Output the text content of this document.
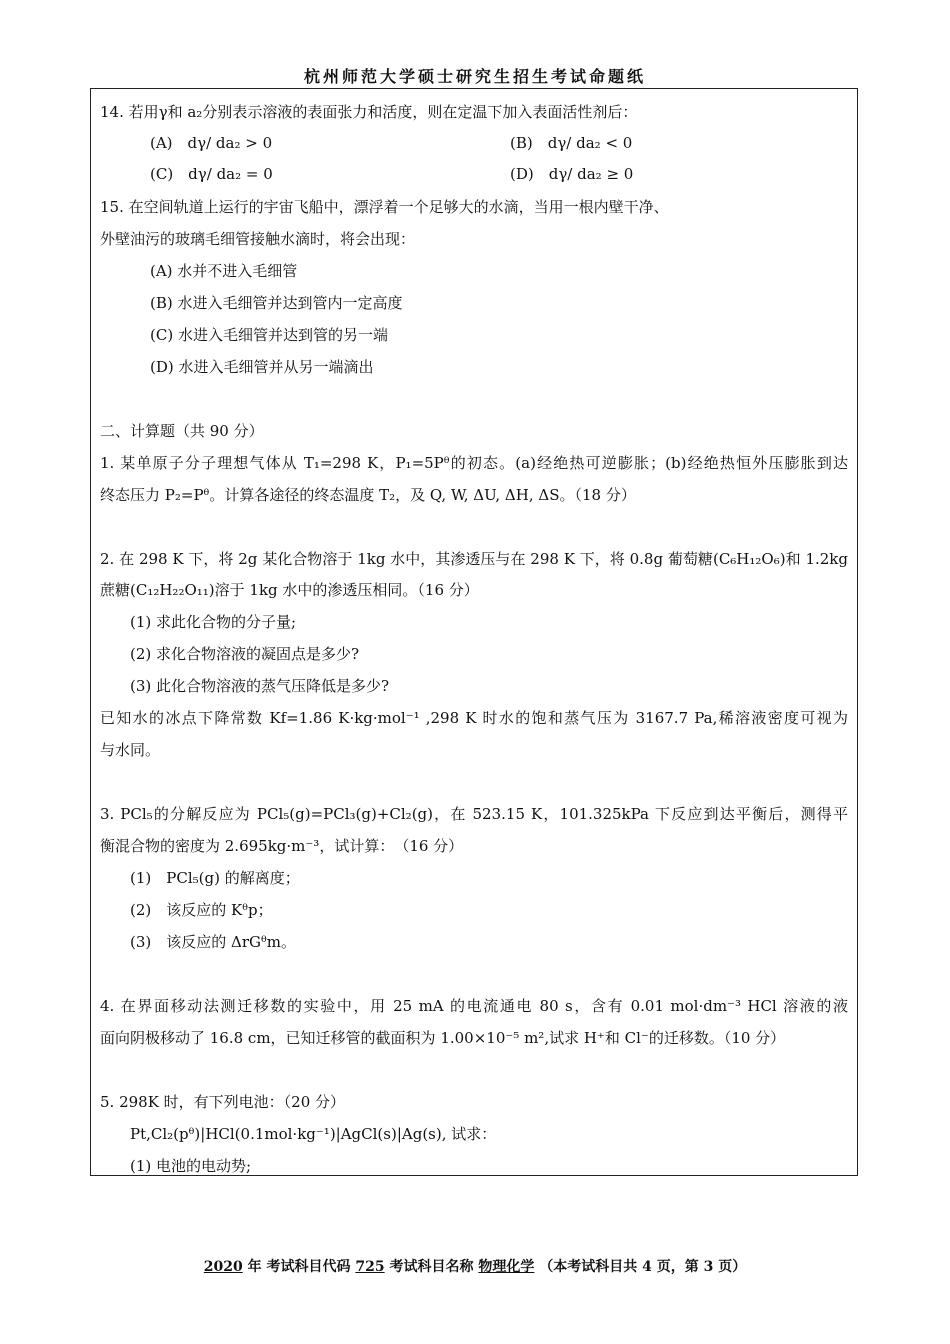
杭州师范大学硕士研究生招生考试命题纸
14. 若用γ和 a₂分别表示溶液的表面张力和活度，则在定温下加入表面活性剂后：
(A)　dγ/ da₂ > 0	(B)　dγ/ da₂ < 0
(C)　dγ/ da₂ = 0	(D)　dγ/ da₂ ≥ 0
15. 在空间轨道上运行的宇宙飞船中，漂浮着一个足够大的水滴，当用一根内壁干净、
外壁油污的玻璃毛细管接触水滴时，将会出现：
(A) 水并不进入毛细管
(B) 水进入毛细管并达到管内一定高度
(C) 水进入毛细管并达到管的另一端
(D) 水进入毛细管并从另一端滴出
二、计算题（共 90 分）
1. 某单原子分子理想气体从 T₁=298 K，P₁=5Pᶿ的初态。(a)经绝热可逆膨胀；(b)经绝热恒外压膨胀到达
终态压力 P₂=Pᶿ。计算各途径的终态温度 T₂，及 Q, W, ΔU, ΔH, ΔS。（18 分）
2. 在 298 K 下，将 2g 某化合物溶于 1kg 水中，其渗透压与在 298 K 下，将 0.8g 葡萄糖(C₆H₁₂O₆)和 1.2kg
蔗糖(C₁₂H₂₂O₁₁)溶于 1kg 水中的渗透压相同。（16 分）
(1) 求此化合物的分子量;
(2) 求化合物溶液的凝固点是多少?
(3) 此化合物溶液的蒸气压降低是多少?
已知水的冰点下降常数 Kf=1.86 K·kg·mol⁻¹ ,298 K 时水的饱和蒸气压为 3167.7 Pa,稀溶液密度可视为
与水同。
3. PCl₅的分解反应为 PCl₅(g)=PCl₃(g)+Cl₂(g)，在 523.15 K，101.325kPa 下反应到达平衡后，测得平
衡混合物的密度为 2.695kg·m⁻³，试计算：　（16 分）
(1)　PCl₅(g) 的解离度；
(2)　该反应的 Kᶿp；
(3)　该反应的 ΔrGᶿm。
4. 在界面移动法测迁移数的实验中，用 25 mA 的电流通电 80 s，含有 0.01 mol·dm⁻³ HCl 溶液的液
面向阴极移动了 16.8 cm，已知迁移管的截面积为 1.00×10⁻⁵ m²,试求 H⁺和 Cl⁻的迁移数。（10 分）
5. 298K 时，有下列电池：（20 分）
Pt,Cl₂(pᶿ)|HCl(0.1mol·kg⁻¹)|AgCl(s)|Ag(s), 试求：
(1) 电池的电动势;
2020 年 考试科目代码 725 考试科目名称 物理化学 （本考试科目共 4 页，第 3 页）
